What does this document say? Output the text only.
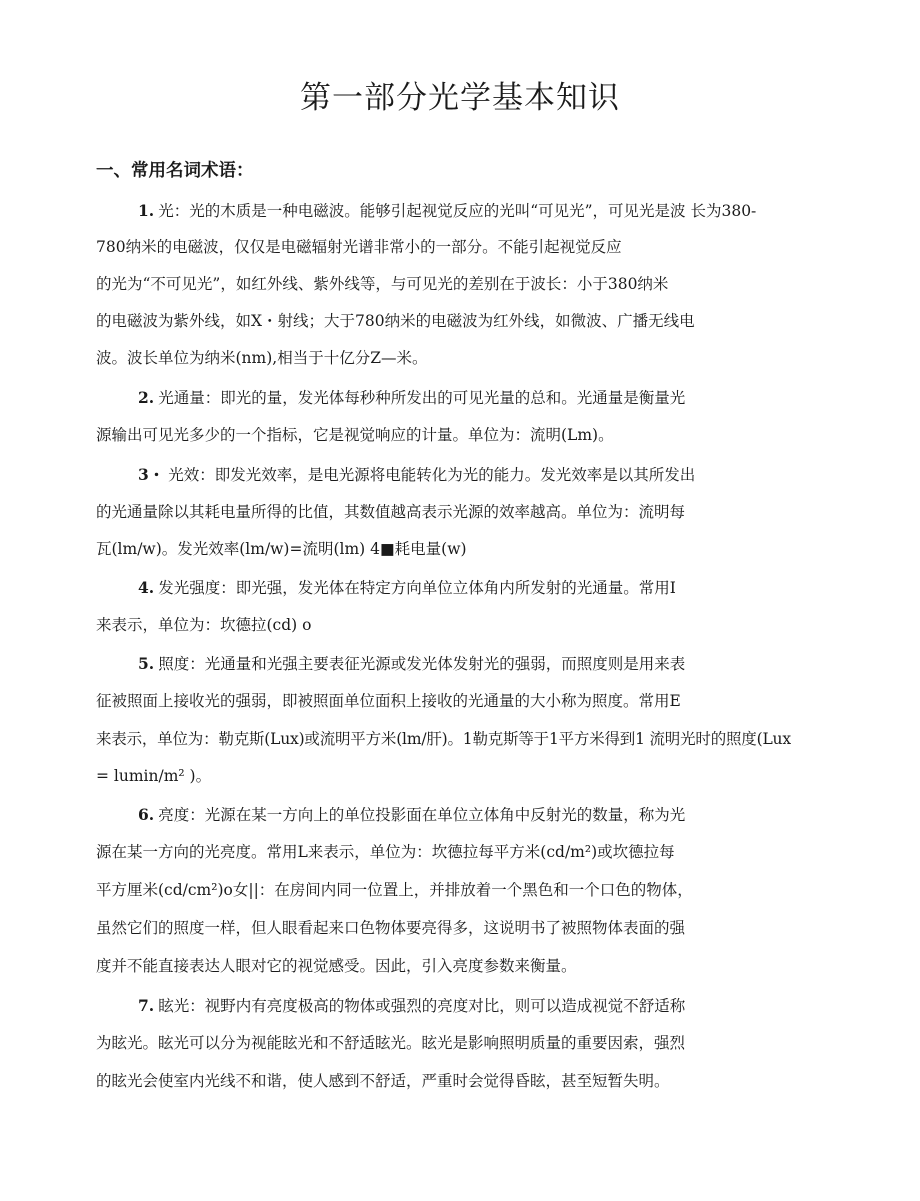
第一部分光学基本知识
一、常用名词术语：
1. 光：光的木质是一种电磁波。能够引起视觉反应的光叫“可见光”，可见光是波 长为380-
780纳米的电磁波，仅仅是电磁辐射光谱非常小的一部分。不能引起视觉反应
的光为“不可见光”，如红外线、紫外线等，与可见光的差别在于波长：小于380纳米
的电磁波为紫外线，如X・射线；大于780纳米的电磁波为红外线，如微波、广播无线电
波。波长单位为纳米(nm),相当于十亿分Z—米。
2. 光通量：即光的量，发光体每秒种所发出的可见光量的总和。光通量是衡量光
源输出可见光多少的一个指标，它是视觉响应的计量。单位为：流明(Lm)。
3・ 光效：即发光效率，是电光源将电能转化为光的能力。发光效率是以其所发出
的光通量除以其耗电量所得的比值，其数值越高表示光源的效率越高。单位为：流明每
瓦(lm/w)。发光效率(lm/w)=流明(lm) 4■耗电量(w)
4. 发光强度：即光强，发光体在特定方向单位立体角内所发射的光通量。常用I
来表示，单位为：坎德拉(cd) o
5. 照度：光通量和光强主要表征光源或发光体发射光的强弱，而照度则是用来表
征被照面上接收光的强弱，即被照面单位面积上接收的光通量的大小称为照度。常用E
来表示，单位为：勒克斯(Lux)或流明平方米(lm/肝)。1勒克斯等于1平方米得到1 流明光时的照度(Lux
= lumin/m² )。
6. 亮度：光源在某一方向上的单位投影面在单位立体角中反射光的数量，称为光
源在某一方向的光亮度。常用L来表示，单位为：坎德拉每平方米(cd/m²)或坎德拉每
平方厘米(cd/cm²)o女||：在房间内同一位置上，并排放着一个黑色和一个口色的物体，
虽然它们的照度一样，但人眼看起来口色物体要亮得多，这说明书了被照物体表面的强
度并不能直接表达人眼对它的视觉感受。因此，引入亮度参数来衡量。
7. 眩光：视野内有亮度极高的物体或强烈的亮度对比，则可以造成视觉不舒适称
为眩光。眩光可以分为视能眩光和不舒适眩光。眩光是影响照明质量的重要因索，强烈
的眩光会使室内光线不和谐，使人感到不舒适，严重时会觉得昏眩，甚至短暂失明。
